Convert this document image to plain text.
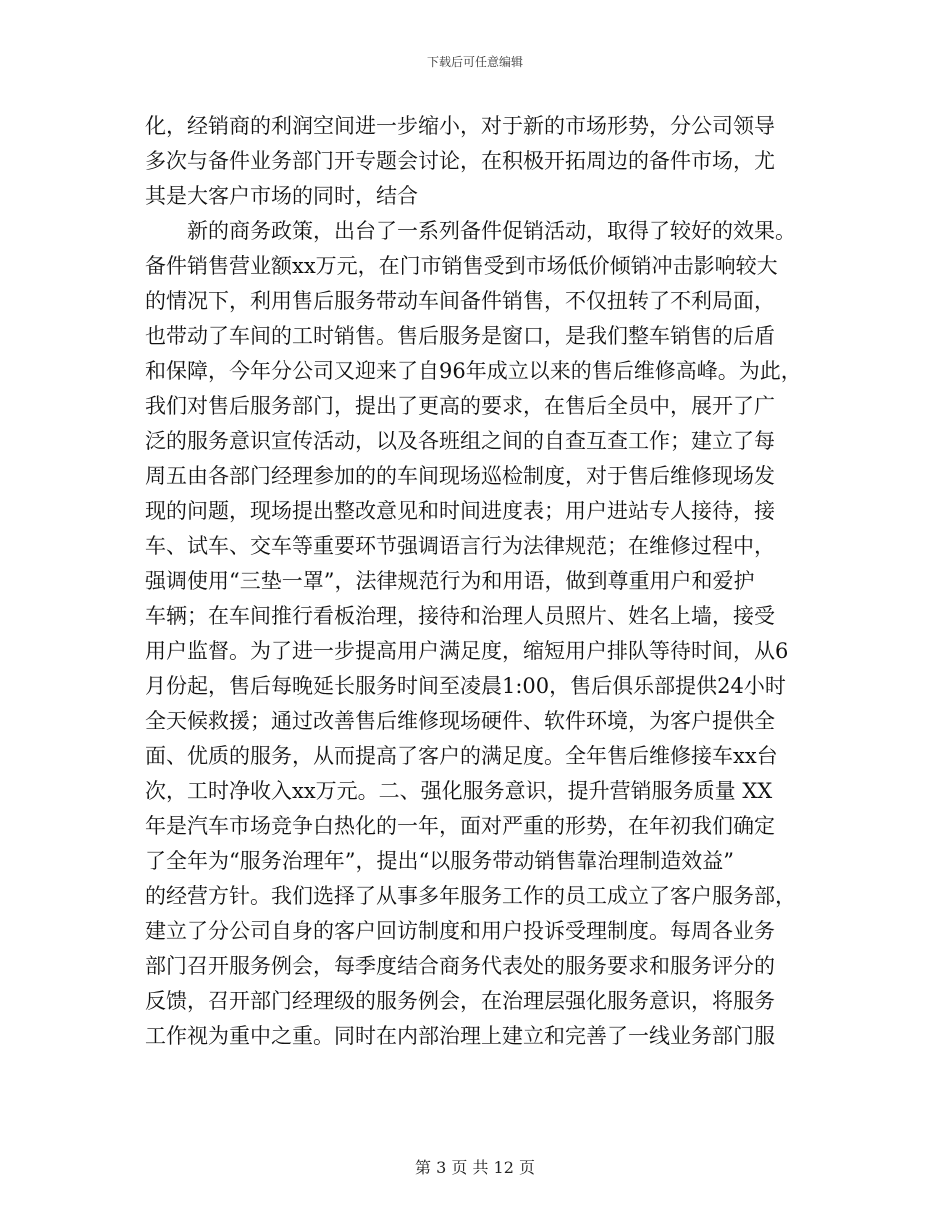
下载后可任意编辑
化，经销商的利润空间进一步缩小，对于新的市场形势，分公司领导
多次与备件业务部门开专题会讨论，在积极开拓周边的备件市场，尤
其是大客户市场的同时，结合
新的商务政策，出台了一系列备件促销活动，取得了较好的效果。
备件销售营业额xx万元，在门市销售受到市场低价倾销冲击影响较大
的情况下，利用售后服务带动车间备件销售，不仅扭转了不利局面，
也带动了车间的工时销售。售后服务是窗口，是我们整车销售的后盾
和保障，今年分公司又迎来了自96年成立以来的售后维修高峰。为此，
我们对售后服务部门，提出了更高的要求，在售后全员中，展开了广
泛的服务意识宣传活动，以及各班组之间的自查互查工作；建立了每
周五由各部门经理参加的的车间现场巡检制度，对于售后维修现场发
现的问题，现场提出整改意见和时间进度表；用户进站专人接待，接
车、试车、交车等重要环节强调语言行为法律规范；在维修过程中，
强调使用“三垫一罩”，法律规范行为和用语，做到尊重用户和爱护
车辆；在车间推行看板治理，接待和治理人员照片、姓名上墙，接受
用户监督。为了进一步提高用户满足度，缩短用户排队等待时间，从6
月份起，售后每晚延长服务时间至凌晨1:00，售后俱乐部提供24小时
全天候救援；通过改善售后维修现场硬件、软件环境，为客户提供全
面、优质的服务，从而提高了客户的满足度。全年售后维修接车xx台
次，工时净收入xx万元。二、强化服务意识，提升营销服务质量 XX
年是汽车市场竞争白热化的一年，面对严重的形势，在年初我们确定
了全年为“服务治理年”，提出“以服务带动销售靠治理制造效益”
的经营方针。我们选择了从事多年服务工作的员工成立了客户服务部，
建立了分公司自身的客户回访制度和用户投诉受理制度。每周各业务
部门召开服务例会，每季度结合商务代表处的服务要求和服务评分的
反馈，召开部门经理级的服务例会，在治理层强化服务意识，将服务
工作视为重中之重。同时在内部治理上建立和完善了一线业务部门服
第 3 页 共 12 页
